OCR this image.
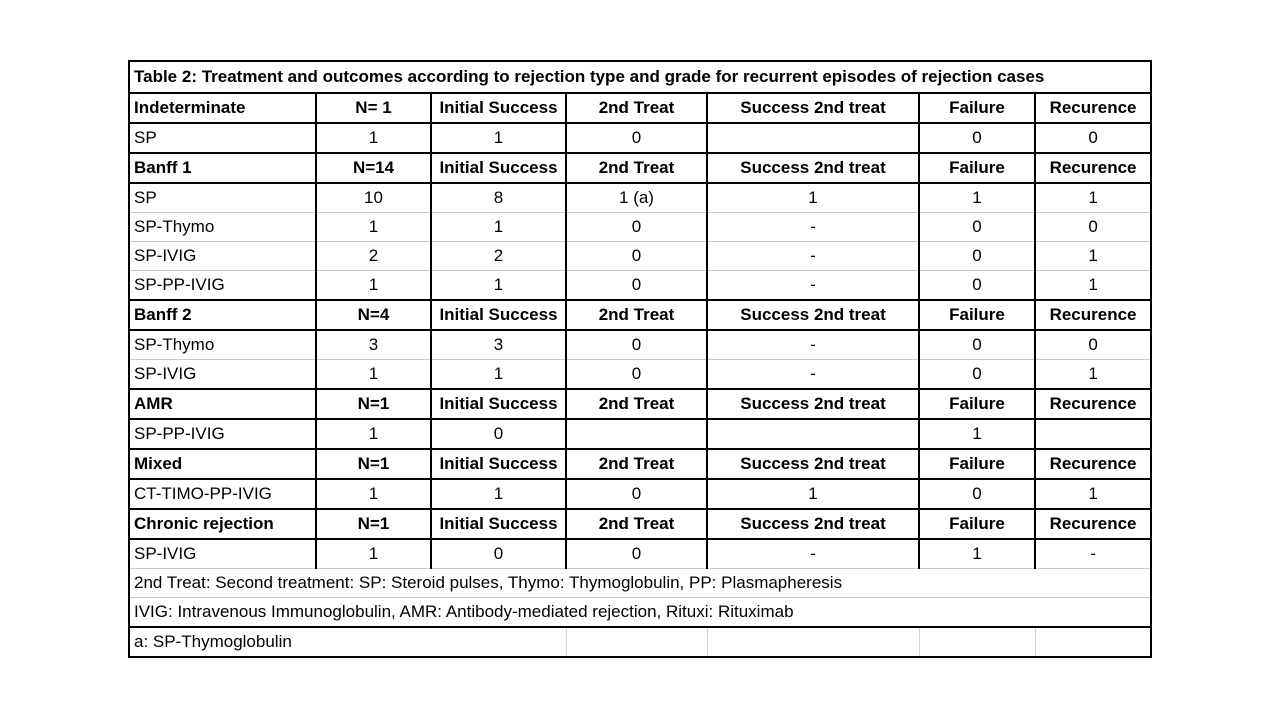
Table 2: Treatment and outcomes according to rejection type and grade for recurrent episodes of rejection cases						
Indeterminate	N= 1	Initial Success	2nd Treat	Success 2nd treat	Failure	Recurence
SP	1	1	0		0	0
Banff 1	N=14	Initial Success	2nd Treat	Success 2nd treat	Failure	Recurence
SP	10	8	1 (a)	1	1	1
SP-Thymo	1	1	0	-	0	0
SP-IVIG	2	2	0	-	0	1
SP-PP-IVIG	1	1	0	-	0	1
Banff 2	N=4	Initial Success	2nd Treat	Success 2nd treat	Failure	Recurence
SP-Thymo	3	3	0	-	0	0
SP-IVIG	1	1	0	-	0	1
AMR	N=1	Initial Success	2nd Treat	Success 2nd treat	Failure	Recurence
SP-PP-IVIG	1	0			1	
Mixed	N=1	Initial Success	2nd Treat	Success 2nd treat	Failure	Recurence
CT-TIMO-PP-IVIG	1	1	0	1	0	1
Chronic rejection	N=1	Initial Success	2nd Treat	Success 2nd treat	Failure	Recurence
SP-IVIG	1	0	0	-	1	-
2nd Treat: Second treatment: SP: Steroid pulses, Thymo: Thymoglobulin, PP: Plasmapheresis						
IVIG: Intravenous Immunoglobulin, AMR: Antibody-mediated rejection, Rituxi: Rituximab						
a: SP-Thymoglobulin						
